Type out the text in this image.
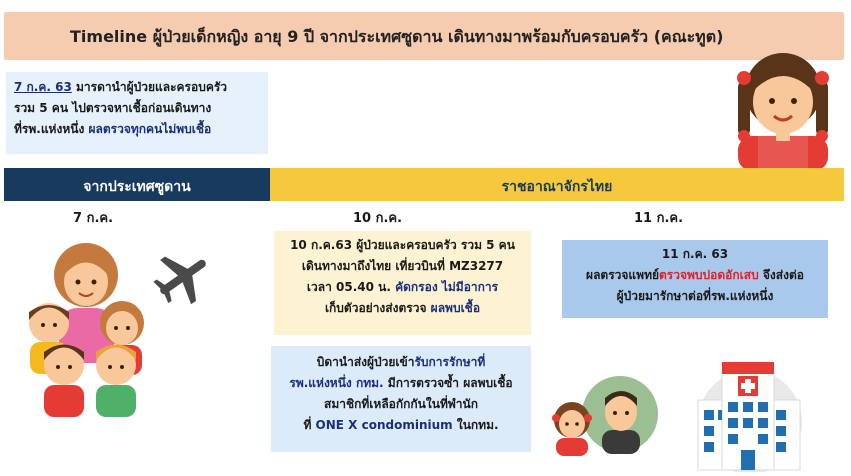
Timeline ผู้ป่วยเด็กหญิง อายุ 9 ปี จากประเทศซูดาน เดินทางมาพร้อมกับครอบครัว (คณะทูต)
7 ก.ค. 63 มารดานำผู้ป่วยและครอบครัว
รวม 5 คน ไปตรวจหาเชื้อก่อนเดินทาง
ที่รพ.แห่งหนึ่ง ผลตรวจทุกคนไม่พบเชื้อ
จากประเทศซูดาน	ราชอาณาจักรไทย
7 ก.ค.	10 ก.ค.	11 ก.ค.
10 ก.ค.63 ผู้ป่วยและครอบครัว รวม 5 คน
เดินทางมาถึงไทย เที่ยวบินที่ MZ3277
เวลา 05.40 น. คัดกรอง ไม่มีอาการ
เก็บตัวอย่างส่งตรวจ ผลพบเชื้อ
11 ก.ค. 63
ผลตรวจแพทย์ตรวจพบปอดอักเสบ จึงส่งต่อ
ผู้ป่วยมารักษาต่อที่รพ.แห่งหนึ่ง
บิดานำส่งผู้ป่วยเข้ารับการรักษาที่
รพ.แห่งหนึ่ง กทม. มีการตรวจซ้ำ ผลพบเชื้อ
สมาชิกที่เหลือกักกันในที่พำนัก
ที่ ONE X condominium ในกทม.
